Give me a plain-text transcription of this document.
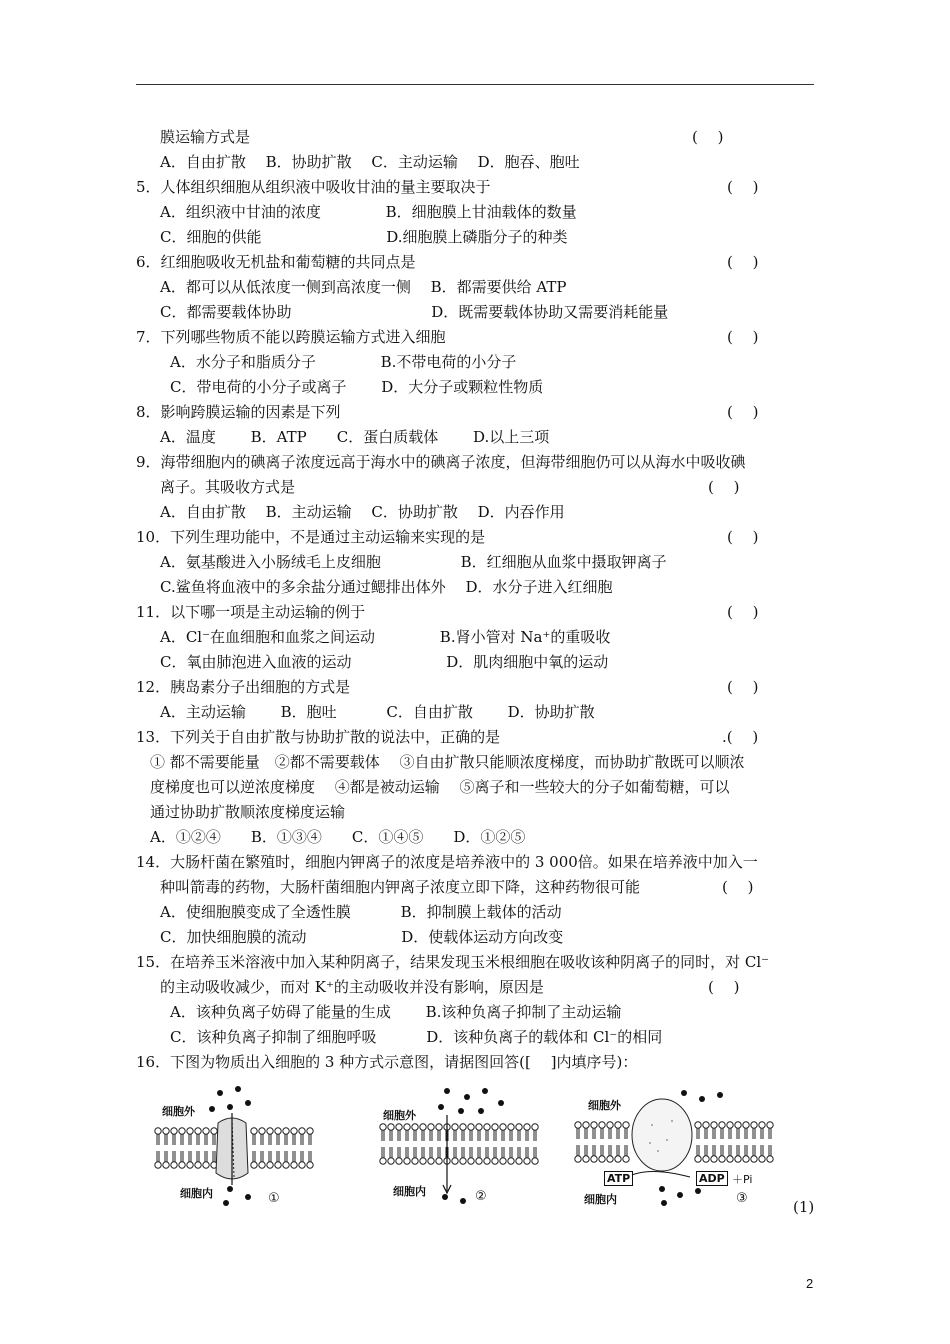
膜运输方式是
A．自由扩散　 B．协助扩散　 C．主动运输　 D．胞吞、胞吐
5．人体组织细胞从组织液中吸收甘油的量主要取决于
A．组织液中甘油的浓度　　　　 B．细胞膜上甘油载体的数量
C．细胞的供能　　　　　　　　 D.细胞膜上磷脂分子的种类
6．红细胞吸收无机盐和葡萄糖的共同点是
A．都可以从低浓度一侧到高浓度一侧　 B．都需要供给 ATP
C．都需要载体协助　　　　　　　　　 D．既需要载体协助又需要消耗能量
7．下列哪些物质不能以跨膜运输方式进入细胞
A．水分子和脂质分子　　　　 B.不带电荷的小分子
C．带电荷的小分子或离子　　 D．大分子或颗粒性物质
8．影响跨膜运输的因素是下列
A．温度　　 B．ATP　　C．蛋白质载体　　 D.以上三项
9．海带细胞内的碘离子浓度远高于海水中的碘离子浓度，但海带细胞仍可以从海水中吸收碘
离子。其吸收方式是
A．自由扩散　 B．主动运输　 C．协助扩散　 D．内吞作用
10．下列生理功能中，不是通过主动运输来实现的是
A．氨基酸进入小肠绒毛上皮细胞　　　　　 B．红细胞从血浆中摄取钾离子
C.鲨鱼将血液中的多余盐分通过鳃排出体外　 D．水分子进入红细胞
11．以下哪一项是主动运输的例于
A．Cl⁻在血细胞和血浆之间运动　　　　 B.肾小管对 Na⁺的重吸收
C．氧由肺泡进入血液的运动　　　　　　 D．肌肉细胞中氧的运动
12．胰岛素分子出细胞的方式是
A．主动运输　　 B．胞吐　　　 C．自由扩散　　 D．协助扩散
13．下列关于自由扩散与协助扩散的说法中，正确的是
① 都不需要能量　②都不需要载体　 ③自由扩散只能顺浓度梯度，而协助扩散既可以顺浓
度梯度也可以逆浓度梯度　 ④都是被动运输　 ⑤离子和一些较大的分子如葡萄糖，可以
通过协助扩散顺浓度梯度运输
A．①②④　　B．①③④　　C．①④⑤　　D．①②⑤
14．大肠杆菌在繁殖时，细胞内钾离子的浓度是培养液中的 3 000倍。如果在培养液中加入一
种叫箭毒的药物，大肠杆菌细胞内钾离子浓度立即下降，这种药物很可能
A．使细胞膜变成了全透性膜　　　 B．抑制膜上载体的活动
C．加快细胞膜的流动　　　　　　 D．使载体运动方向改变
15．在培养玉米溶液中加入某种阴离子，结果发现玉米根细胞在吸收该种阴离子的同时，对 Cl⁻
的主动吸收减少，而对 K⁺的主动吸收并没有影响，原因是
A．该种负离子妨碍了能量的生成　　 B.该种负离子抑制了主动运输
C．该种负离子抑制了细胞呼吸　　　 D．该种负离子的载体和 Cl⁻的相同
16．下图为物质出入细胞的 3 种方式示意图，请据图回答([　 ]内填序号)：
(　 )
(　 )
(　 )
(　 )
(　 )
(　 )
(　 )
(　 )
(　 )
.(　 )
(　 )
(　 )
细胞外
细胞内	①
细胞外
细胞内	②
细胞外
细胞内	③
ATP	ADP ＋Pi
(1)
2
